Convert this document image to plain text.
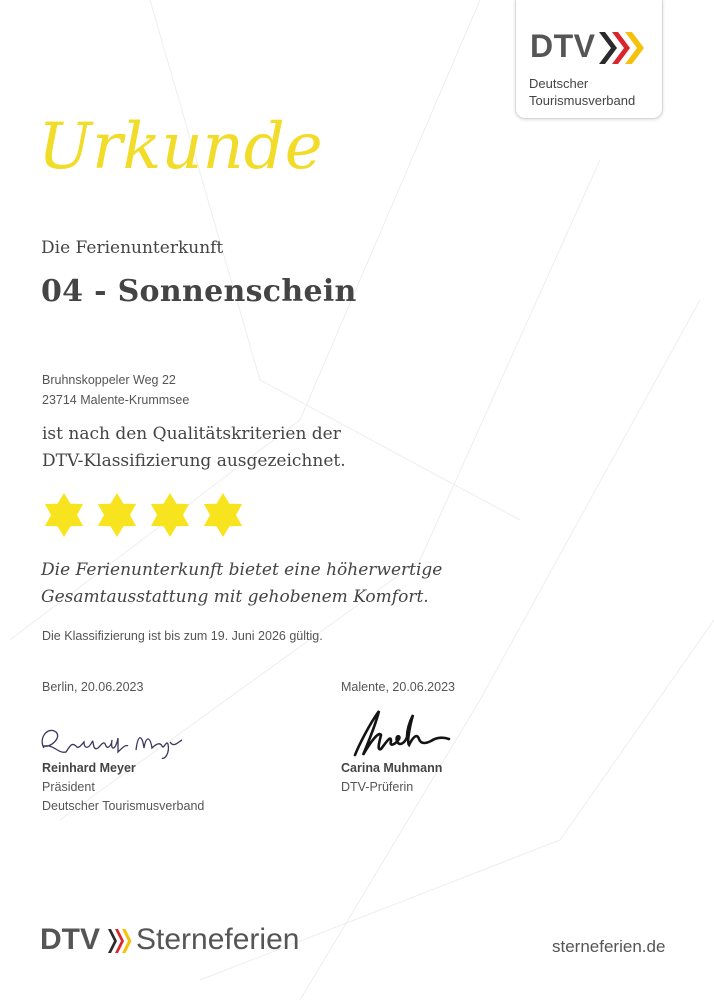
DTV
Deutscher
Tourismusverband
Urkunde
Die Ferienunterkunft
04 - Sonnenschein
Bruhnskoppeler Weg 22
23714 Malente-Krummsee
ist nach den Qualitätskriterien der
DTV-Klassifizierung ausgezeichnet.
Die Ferienunterkunft bietet eine höherwertige
Gesamtausstattung mit gehobenem Komfort.
Die Klassifizierung ist bis zum 19. Juni 2026 gültig.
Berlin, 20.06.2023	Malente, 20.06.2023
Reinhard Meyer
Präsident
Deutscher Tourismusverband
Carina Muhmann
DTV-Prüferin
DTV Sterneferien	sterneferien.de
